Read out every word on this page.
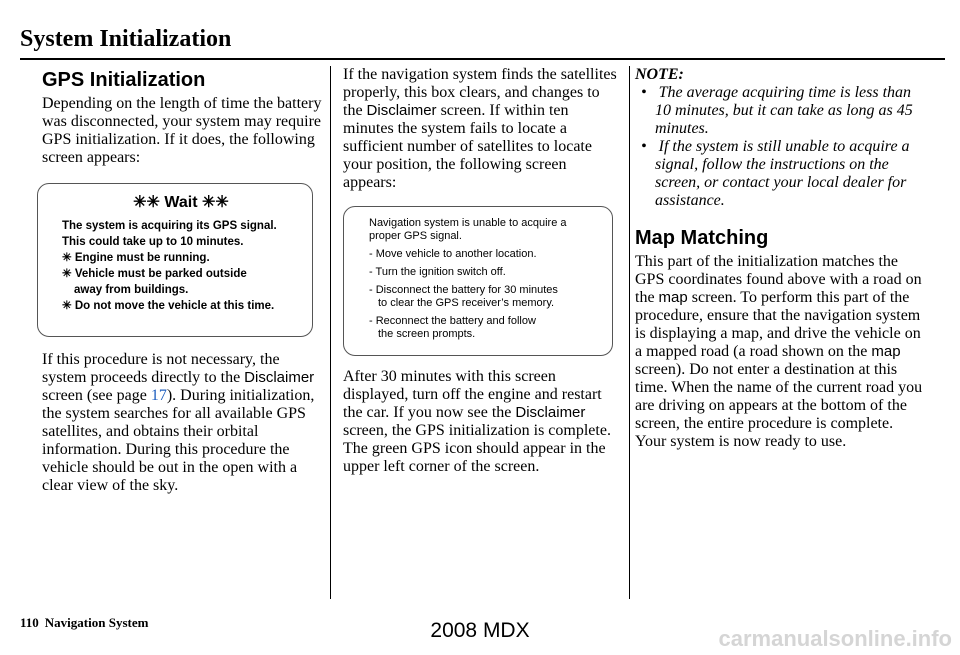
System Initialization
GPS Initialization

Depending on the length of time the battery was disconnected, your system may require GPS initialization. If it does, the following screen appears:

✳✳ Wait ✳✳
The system is acquiring its GPS signal.
This could take up to 10 minutes.
✳ Engine must be running.
✳ Vehicle must be parked outside
away from buildings.
✳ Do not move the vehicle at this time.

If this procedure is not necessary, the system proceeds directly to the Disclaimer screen (see page 17). During initialization, the system searches for all available GPS satellites, and obtains their orbital information. During this procedure the vehicle should be out in the open with a clear view of the sky.

If the navigation system finds the satellites properly, this box clears, and changes to the Disclaimer screen. If within ten minutes the system fails to locate a sufficient number of satellites to locate your position, the following screen appears:

Navigation system is unable to acquire a proper GPS signal.
- Move vehicle to another location.
- Turn the ignition switch off.
- Disconnect the battery for 30 minutes
to clear the GPS receiver’s memory.
- Reconnect the battery and follow
the screen prompts.

After 30 minutes with this screen displayed, turn off the engine and restart the car. If you now see the Disclaimer screen, the GPS initialization is complete. The green GPS icon should appear in the upper left corner of the screen.

NOTE:
•   The average acquiring time is less than 10 minutes, but it can take as long as 45 minutes.
•   If the system is still unable to acquire a signal, follow the instructions on the screen, or contact your local dealer for assistance.
Map Matching

This part of the initialization matches the GPS coordinates found above with a road on the map screen. To perform this part of the procedure, ensure that the navigation system is displaying a map, and drive the vehicle on a mapped road (a road shown on the map screen). Do not enter a destination at this time. When the name of the current road you are driving on appears at the bottom of the screen, the entire procedure is complete. Your system is now ready to use.

110 Navigation System	2008 MDX	carmanualsonline.info
